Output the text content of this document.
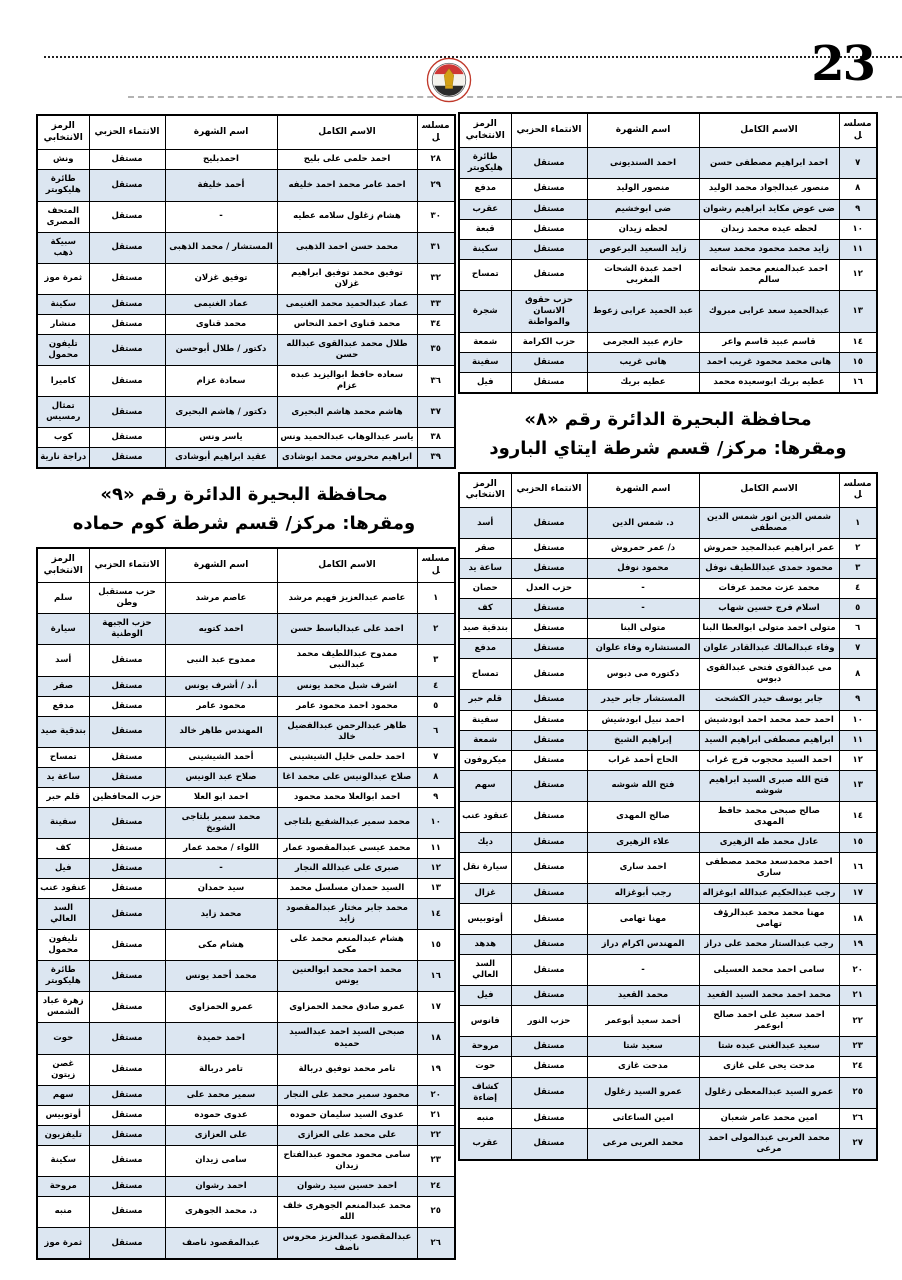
23
مسلسل	الاسم الكامل	اسم الشهرة	الانتماء الحزبي	الرمز الانتخابي
٧	احمد ابراهيم مصطفى حسن	احمد السنديونى	مستقل	طائرة هليكوبتر
٨	منصور عبدالجواد محمد الوليد	منصور الوليد	مستقل	مدفع
٩	ضى عوض مكايد ابراهيم رشوان	ضى ابوخشيم	مستقل	عقرب
١٠	لحظه عيده محمد زيدان	لحظه زيدان	مستقل	قبعة
١١	زايد محمد محمود محمد سعيد	زايد السعيد البرعوص	مستقل	سكينة
١٢	احمد عبدالمنعم محمد شحاته سالم	احمد عبدة الشحات المغربى	مستقل	تمساح
١٣	عبدالحميد سعد عرابى مبروك	عبد الحميد عرابى زعوط	حزب حقوق الانسان والمواطنة	شجرة
١٤	قاسم عبيد قاسم واعر	حازم عبيد العجرمى	حزب الكرامة	شمعة
١٥	هانى محمد محمود غريب احمد	هانى غريب	مستقل	سفينة
١٦	عطيه بريك ابوسعيده محمد	عطيه بريك	مستقل	فيل
محافظة البحيرة الدائرة رقم «٨»
ومقرها: مركز/ قسم شرطة ايتاي البارود
مسلسل	الاسم الكامل	اسم الشهرة	الانتماء الحزبي	الرمز الانتخابي
١	شمس الدين انور شمس الدين مصطفى	د. شمس الدين	مستقل	أسد
٢	عمر ابراهيم عبدالمجيد حمروش	د/ عمر حمروش	مستقل	صقر
٣	محمود حمدى عبداللطيف نوفل	محمود نوفل	مستقل	ساعة يد
٤	محمد عزت محمد عرفات	-	حزب العدل	حصان
٥	اسلام فرج حسين شهاب	-	مستقل	كف
٦	متولى احمد متولى ابوالعطا البنا	متولى البنا	مستقل	بندقية صيد
٧	وفاء عبدالمالك عبدالقادر علوان	المستشاره وفاء علوان	مستقل	مدفع
٨	مى عبدالقوى فتحى عبدالقوى دبوس	دكتوره مى دبوس	مستقل	تمساح
٩	جابر يوسف حيدر الكشحت	المستشار جابر حيدر	مستقل	قلم حبر
١٠	احمد حمد محمد احمد ابودشيش	احمد نبيل ابودشيش	مستقل	سفينة
١١	ابراهيم مصطفى ابراهيم السيد	إبراهيم الشيخ	مستقل	شمعة
١٢	احمد السيد محجوب فرج غراب	الحاج أحمد غراب	مستقل	ميكروفون
١٣	فتح الله صبرى السيد ابراهيم شوشه	فتح الله شوشه	مستقل	سهم
١٤	صالح صبحى محمد حافظ المهدى	صالح المهدى	مستقل	عنقود عنب
١٥	عادل محمد طه الزهيرى	علاء الزهيرى	مستقل	ديك
١٦	احمد محمدسعد محمد مصطفى سارى	احمد سارى	مستقل	سيارة نقل
١٧	رجب عبدالحكيم عبدالله ابوغزاله	رجب أبوغزاله	مستقل	غزال
١٨	مهنا محمد محمد عبدالرؤف تهامى	مهنا تهامى	مستقل	أوتوبيس
١٩	رجب عبدالستار محمد على دراز	المهندس اكرام دراز	مستقل	هدهد
٢٠	سامى احمد محمد العسيلى	-	مستقل	السد العالي
٢١	محمد احمد محمد السيد القعيد	محمد القعيد	مستقل	فيل
٢٢	احمد سعيد على احمد صالح ابوعمر	أحمد سعيد أبوعمر	حزب النور	فانوس
٢٣	سعيد عبدالغنى عبده شتا	سعيد شتا	مستقل	مروحة
٢٤	مدحت يحى على غازى	مدحت غازى	مستقل	حوت
٢٥	عمرو السيد عبدالمعطى زغلول	عمرو السيد زغلول	مستقل	كشاف إضاءة
٢٦	امين محمد عامر شعبان	امين الساعاتى	مستقل	منبه
٢٧	محمد العربى عبدالمولى احمد مرعى	محمد العربى مرعى	مستقل	عقرب
مسلسل	الاسم الكامل	اسم الشهرة	الانتماء الحزبي	الرمز الانتخابي
٢٨	احمد حلمى على بليح	احمدبليح	مستقل	ونش
٢٩	احمد عامر محمد احمد خليفه	أحمد خليفة	مستقل	طائرة هليكوبتر
٣٠	هشام زغلول سلامه عطيه	-	مستقل	المتحف المصرى
٣١	محمد حسن احمد الذهبى	المستشار / محمد الذهبى	مستقل	سبيكة ذهب
٣٢	توفيق محمد توفيق ابراهيم غزلان	توفيق غزلان	مستقل	ثمرة موز
٣٣	عماد عبدالحميد محمد الغنيمى	عماد الغنيمى	مستقل	سكينة
٣٤	محمد قناوى احمد النحاس	محمد قناوى	مستقل	منشار
٣٥	طلال محمد عبدالقوى عبدالله حسن	دكتور / طلال أبوحسن	مستقل	تليفون محمول
٣٦	سعاده حافظ ابواليزيد عبده عزام	سعادة عزام	مستقل	كاميرا
٣٧	هاشم محمد هاشم البحيرى	دكتور / هاشم البحيرى	مستقل	تمثال رمسيس
٣٨	ياسر عبدالوهاب عبدالحميد ونس	ياسر ونس	مستقل	كوب
٣٩	ابراهيم محروس محمد ابوشادى	عقيد ابراهيم أبوشادى	مستقل	دراجة نارية
محافظة البحيرة الدائرة رقم «٩»
ومقرها: مركز/ قسم شرطة كوم حماده
مسلسل	الاسم الكامل	اسم الشهرة	الانتماء الحزبي	الرمز الانتخابي
١	عاصم عبدالعزيز فهيم مرشد	عاصم مرشد	حزب مستقبل وطن	سلم
٢	احمد على عبدالباسط حسن	احمد كتويه	حزب الجبهة الوطنية	سيارة
٣	ممدوح عبداللطيف محمد عبدالنبى	ممدوح عبد النبى	مستقل	أسد
٤	اشرف شبل محمد يونس	أ.د / أشرف يونس	مستقل	صقر
٥	محمود احمد محمود عامر	محمود عامر	مستقل	مدفع
٦	طاهر عبدالرحمن عبدالفضيل خالد	المهندس طاهر خالد	مستقل	بندقية صيد
٧	احمد حلمى خليل الشيشينى	أحمد الشيشينى	مستقل	تمساح
٨	صلاح عبدالونيس على محمد اغا	صلاح عبد الونيس	مستقل	ساعة يد
٩	احمد ابوالعلا محمد محمود	احمد ابو العلا	حزب المحافظين	قلم حبر
١٠	محمد سمير عبدالشفيع بلتاجى	محمد سمير بلتاجى الشويخ	مستقل	سفينة
١١	محمد عيسى عبدالمقصود عمار	اللواء / محمد عمار	مستقل	كف
١٢	صبرى على عبدالله النجار	-	مستقل	فيل
١٣	السيد حمدان مسلسل محمد	سيد حمدان	مستقل	عنقود عنب
١٤	محمد جابر مختار عبدالمقصود زايد	محمد زايد	مستقل	السد العالي
١٥	هشام عبدالمنعم محمد على مكى	هشام مكى	مستقل	تليفون محمول
١٦	محمد احمد محمد ابوالعنين يونس	محمد أحمد يونس	مستقل	طائرة هليكوبتر
١٧	عمرو صادق محمد الحمزاوى	عمرو الحمزاوى	مستقل	زهرة عباد الشمس
١٨	صبحى السيد احمد عبدالسيد حميده	احمد حميدة	مستقل	حوت
١٩	تامر محمد توفيق دربالة	تامر دربالة	مستقل	غصن زيتون
٢٠	محمود سمير محمد على النجار	سمير محمد على	مستقل	سهم
٢١	عدوى السيد سليمان حموده	عدوى حموده	مستقل	أوتوبيس
٢٢	على محمد على العزازى	على العزازى	مستقل	تليفزيون
٢٣	سامى محمود محمود عبدالفتاح زيدان	سامى زيدان	مستقل	سكينة
٢٤	احمد حسين سيد رشوان	احمد رشوان	مستقل	مروحة
٢٥	محمد عبدالمنعم الجوهرى خلف الله	د. محمد الجوهرى	مستقل	منبه
٢٦	عبدالمقصود عبدالعزيز محروس ناصف	عبدالمقصود ناصف	مستقل	ثمرة موز
